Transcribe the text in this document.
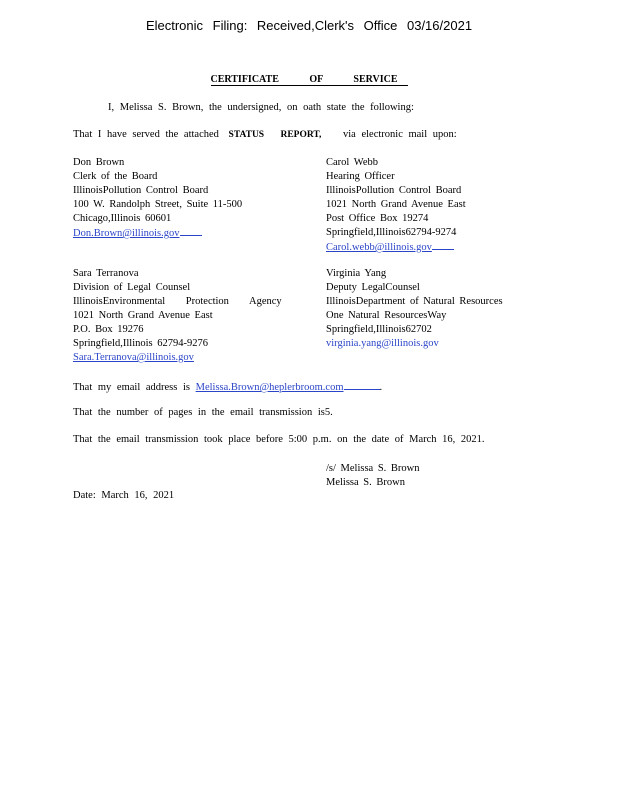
Electronic Filing: Received,Clerk's Office 03/16/2021
CERTIFICATE OF SERVICE
I, Melissa S. Brown, the undersigned, on oath state the following:
That I have served the attached STATUS REPORT, via electronic mail upon:
Don Brown
Clerk of the Board
IllinoisPollution Control Board
100 W. Randolph Street, Suite 11-500
Chicago,Illinois 60601
Don.Brown@illinois.gov
Carol Webb
Hearing Officer
IllinoisPollution Control Board
1021 North Grand Avenue East
Post Office Box 19274
Springfield,Illinois62794-9274
Carol.webb@illinois.gov
Sara Terranova
Division of Legal Counsel
IllinoisEnvironmental Protection Agency
1021 North Grand Avenue East
P.O. Box 19276
Springfield,Illinois 62794-9276
Sara.Terranova@illinois.gov
Virginia Yang
Deputy LegalCounsel
IllinoisDepartment of Natural Resources
One Natural ResourcesWay
Springfield,Illinois62702
virginia.yang@illinois.gov
That my email address is Melissa.Brown@heplerbroom.com	.
That the number of pages in the email transmission is5.
That the email transmission took place before 5:00 p.m. on the date of March 16, 2021.
/s/ Melissa S. Brown
Melissa S. Brown
Date: March 16, 2021
